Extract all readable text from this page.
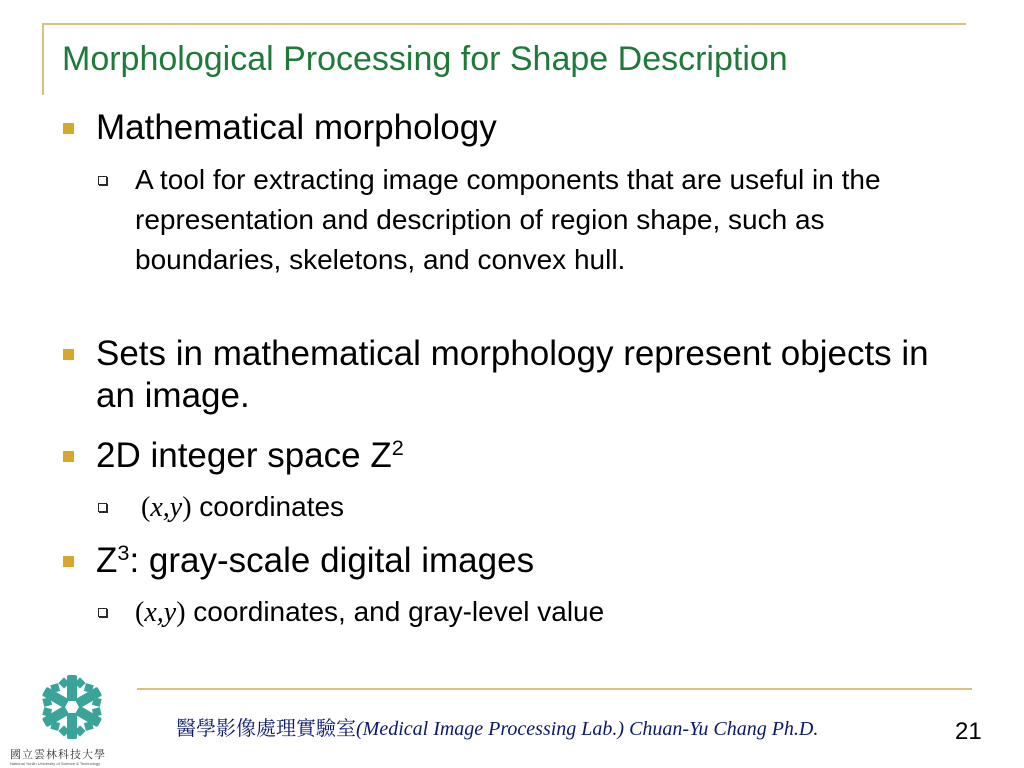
Morphological Processing for Shape Description
Mathematical morphology
A tool for extracting image components that are useful in the representation and description of region shape, such as boundaries, skeletons, and convex hull.
Sets in mathematical morphology represent objects in an image.
2D integer space $Z^2$
(x,y) coordinates
$Z^3$: gray-scale digital images
(x,y) coordinates, and gray-level value
國立雲林科技大學
National Yunlin University of Science & Technology
醫學影像處理實驗室(Medical Image Processing Lab.) Chuan-Yu Chang Ph.D.	21
